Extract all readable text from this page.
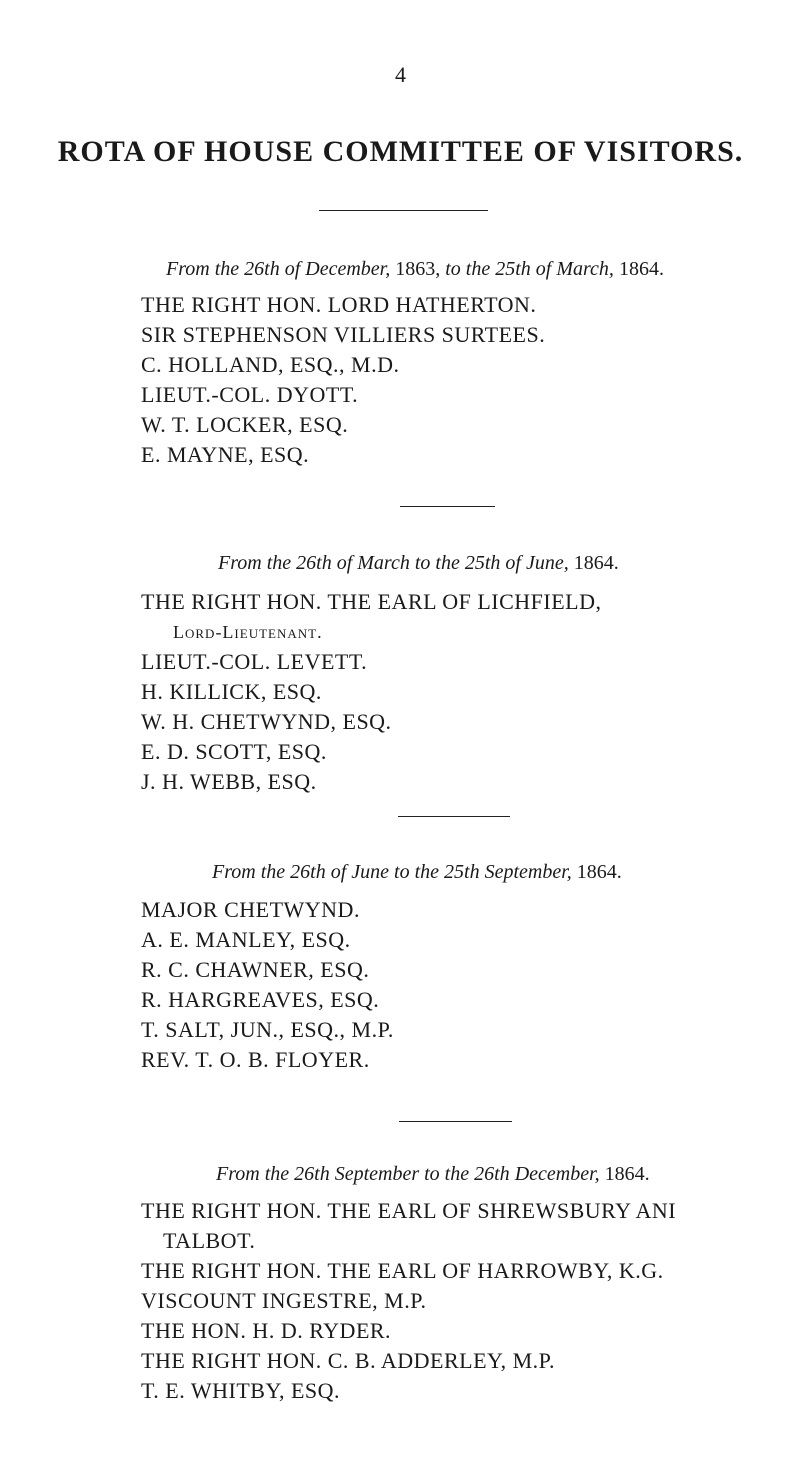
4
ROTA OF HOUSE COMMITTEE OF VISITORS.
From the 26th of December, 1863, to the 25th of March, 1864.
THE RIGHT HON. LORD HATHERTON.
SIR STEPHENSON VILLIERS SURTEES.
C. HOLLAND, ESQ., M.D.
LIEUT.-COL. DYOTT.
W. T. LOCKER, ESQ.
E. MAYNE, ESQ.
From the 26th of March to the 25th of June, 1864.
THE RIGHT HON. THE EARL OF LICHFIELD,
Lord-Lieutenant.
LIEUT.-COL. LEVETT.
H. KILLICK, ESQ.
W. H. CHETWYND, ESQ.
E. D. SCOTT, ESQ.
J. H. WEBB, ESQ.
From the 26th of June to the 25th September, 1864.
MAJOR CHETWYND.
A. E. MANLEY, ESQ.
R. C. CHAWNER, ESQ.
R. HARGREAVES, ESQ.
T. SALT, JUN., ESQ., M.P.
REV. T. O. B. FLOYER.
From the 26th September to the 26th December, 1864.
THE RIGHT HON. THE EARL OF SHREWSBURY ANI
TALBOT.
THE RIGHT HON. THE EARL OF HARROWBY, K.G.
VISCOUNT INGESTRE, M.P.
THE HON. H. D. RYDER.
THE RIGHT HON. C. B. ADDERLEY, M.P.
T. E. WHITBY, ESQ.
